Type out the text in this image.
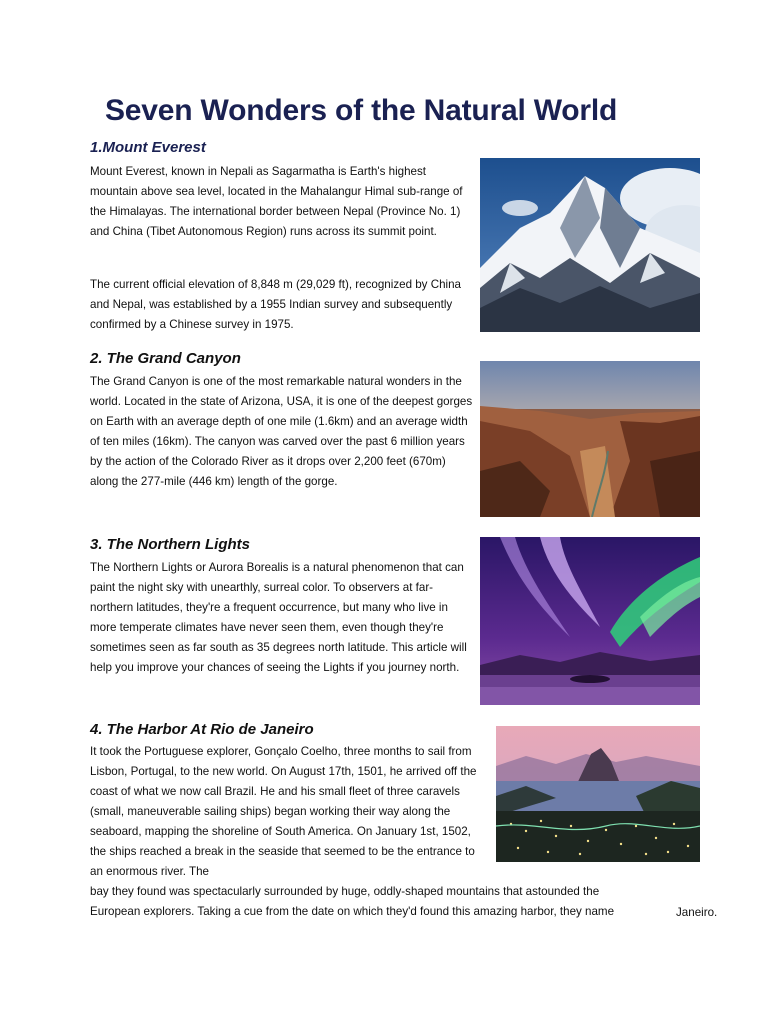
Seven Wonders of the Natural World
1.Mount Everest

Mount Everest, known in Nepali as Sagarmatha is Earth's highest mountain above sea level, located in the Mahalangur Himal sub-range of the Himalayas. The international border between Nepal (Province No. 1) and China (Tibet Autonomous Region) runs across its summit point.

The current official elevation of 8,848 m (29,029 ft), recognized by China and Nepal, was established by a 1955 Indian survey and subsequently confirmed by a Chinese survey in 1975.

2. The Grand Canyon

The Grand Canyon is one of the most remarkable natural wonders in the world. Located in the state of Arizona, USA, it is one of the deepest gorges on Earth with an average depth of one mile (1.6km) and an average width of ten miles (16km). The canyon was carved over the past 6 million years by the action of the Colorado River as it drops over 2,200 feet (670m) along the 277-mile (446 km) length of the gorge.

3. The Northern Lights

The Northern Lights or Aurora Borealis is a natural phenomenon that can paint the night sky with unearthly, surreal color. To observers at far-northern latitudes, they're a frequent occurrence, but many who live in more temperate climates have never seen them, even though they're sometimes seen as far south as 35 degrees north latitude. This article will help you improve your chances of seeing the Lights if you journey north.

4. The Harbor At Rio de Janeiro

It took the Portuguese explorer, Gonçalo Coelho, three months to sail from Lisbon, Portugal, to the new world. On August 17th, 1501, he arrived off the coast of what we now call Brazil. He and his small fleet of three caravels (small, maneuverable sailing ships) began working their way along the seaboard, mapping the shoreline of South America. On January 1st, 1502, the ships reached a break in the seaside that seemed to be the entrance to an enormous river. The

bay they found was spectacularly surrounded by huge, oddly-shaped mountains that astounded the

European explorers. Taking a cue from the date on which they'd found this amazing harbor, they name	Janeiro.
